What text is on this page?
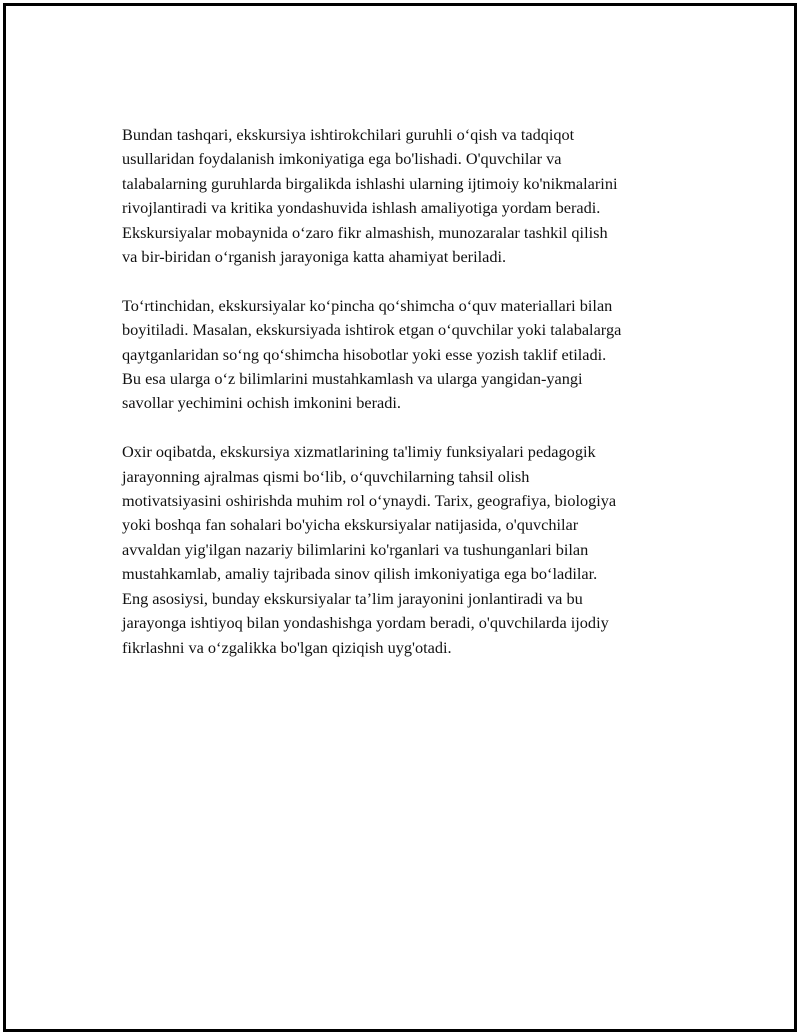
Bundan tashqari, ekskursiya ishtirokchilari guruhli o‘qish va tadqiqot
usullaridan foydalanish imkoniyatiga ega bo'lishadi. O'quvchilar va
talabalarning guruhlarda birgalikda ishlashi ularning ijtimoiy ko'nikmalarini
rivojlantiradi va kritika yondashuvida ishlash amaliyotiga yordam beradi.
Ekskursiyalar mobaynida o‘zaro fikr almashish, munozaralar tashkil qilish
va bir-biridan o‘rganish jarayoniga katta ahamiyat beriladi.

To‘rtinchidan, ekskursiyalar ko‘pincha qo‘shimcha o‘quv materiallari bilan
boyitiladi. Masalan, ekskursiyada ishtirok etgan o‘quvchilar yoki talabalarga
qaytganlaridan so‘ng qo‘shimcha hisobotlar yoki esse yozish taklif etiladi.
Bu esa ularga o‘z bilimlarini mustahkamlash va ularga yangidan-yangi
savollar yechimini ochish imkonini beradi.

Oxir oqibatda, ekskursiya xizmatlarining ta'limiy funksiyalari pedagogik
jarayonning ajralmas qismi bo‘lib, o‘quvchilarning tahsil olish
motivatsiyasini oshirishda muhim rol o‘ynaydi. Tarix, geografiya, biologiya
yoki boshqa fan sohalari bo'yicha ekskursiyalar natijasida, o'quvchilar
avvaldan yig'ilgan nazariy bilimlarini ko'rganlari va tushunganlari bilan
mustahkamlab, amaliy tajribada sinov qilish imkoniyatiga ega bo‘ladilar.
Eng asosiysi, bunday ekskursiyalar ta’lim jarayonini jonlantiradi va bu
jarayonga ishtiyoq bilan yondashishga yordam beradi, o'quvchilarda ijodiy
fikrlashni va o‘zgalikka bo'lgan qiziqish uyg'otadi.
